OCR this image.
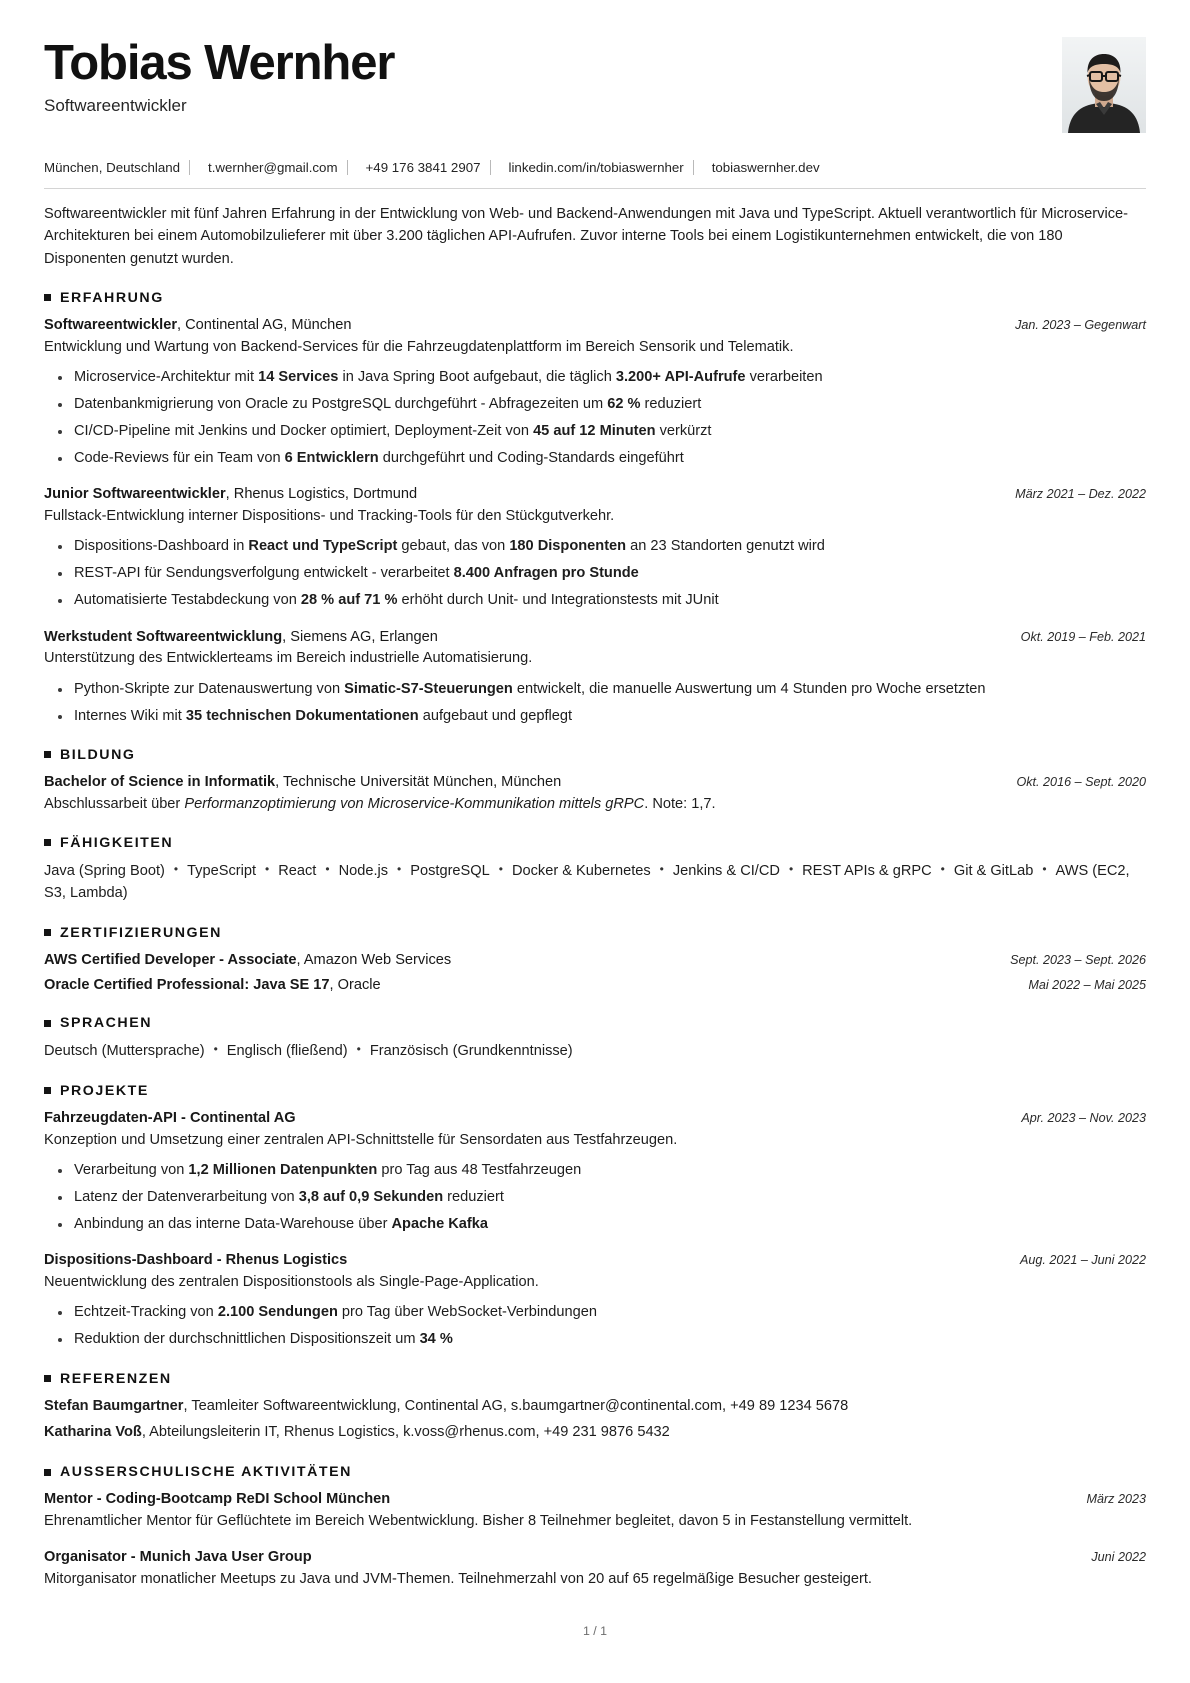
Tobias Wernher

Softwareentwickler

München, Deutschland t.wernher@gmail.com +49 176 3841 2907 linkedin.com/in/tobiaswernher tobiaswernher.dev

Softwareentwickler mit fünf Jahren Erfahrung in der Entwicklung von Web- und Backend-Anwendungen mit Java und TypeScript. Aktuell verantwortlich für Microservice-Architekturen bei einem Automobilzulieferer mit über 3.200 täglichen API-Aufrufen. Zuvor interne Tools bei einem Logistikunternehmen entwickelt, die von 180 Disponenten genutzt wurden.

ERFAHRUNG
Softwareentwickler, Continental AG, München	Jan. 2023 – Gegenwart
Entwicklung und Wartung von Backend-Services für die Fahrzeugdatenplattform im Bereich Sensorik und Telematik.
Microservice-Architektur mit 14 Services in Java Spring Boot aufgebaut, die täglich 3.200+ API-Aufrufe verarbeiten
Datenbankmigrierung von Oracle zu PostgreSQL durchgeführt - Abfragezeiten um 62 % reduziert
CI/CD-Pipeline mit Jenkins und Docker optimiert, Deployment-Zeit von 45 auf 12 Minuten verkürzt
Code-Reviews für ein Team von 6 Entwicklern durchgeführt und Coding-Standards eingeführt
Junior Softwareentwickler, Rhenus Logistics, Dortmund	März 2021 – Dez. 2022
Fullstack-Entwicklung interner Dispositions- und Tracking-Tools für den Stückgutverkehr.
Dispositions-Dashboard in React und TypeScript gebaut, das von 180 Disponenten an 23 Standorten genutzt wird
REST-API für Sendungsverfolgung entwickelt - verarbeitet 8.400 Anfragen pro Stunde
Automatisierte Testabdeckung von 28 % auf 71 % erhöht durch Unit- und Integrationstests mit JUnit
Werkstudent Softwareentwicklung, Siemens AG, Erlangen	Okt. 2019 – Feb. 2021
Unterstützung des Entwicklerteams im Bereich industrielle Automatisierung.
Python-Skripte zur Datenauswertung von Simatic-S7-Steuerungen entwickelt, die manuelle Auswertung um 4 Stunden pro Woche ersetzten
Internes Wiki mit 35 technischen Dokumentationen aufgebaut und gepflegt
BILDUNG
Bachelor of Science in Informatik, Technische Universität München, München	Okt. 2016 – Sept. 2020
Abschlussarbeit über Performanzoptimierung von Microservice-Kommunikation mittels gRPC. Note: 1,7.
FÄHIGKEITEN
Java (Spring Boot) • TypeScript • React • Node.js • PostgreSQL • Docker & Kubernetes • Jenkins & CI/CD • REST APIs & gRPC • Git & GitLab • AWS (EC2, S3, Lambda)
ZERTIFIZIERUNGEN
AWS Certified Developer - Associate, Amazon Web Services	Sept. 2023 – Sept. 2026
Oracle Certified Professional: Java SE 17, Oracle	Mai 2022 – Mai 2025
SPRACHEN
Deutsch (Muttersprache) • Englisch (fließend) • Französisch (Grundkenntnisse)
PROJEKTE
Fahrzeugdaten-API - Continental AG	Apr. 2023 – Nov. 2023
Konzeption und Umsetzung einer zentralen API-Schnittstelle für Sensordaten aus Testfahrzeugen.
Verarbeitung von 1,2 Millionen Datenpunkten pro Tag aus 48 Testfahrzeugen
Latenz der Datenverarbeitung von 3,8 auf 0,9 Sekunden reduziert
Anbindung an das interne Data-Warehouse über Apache Kafka
Dispositions-Dashboard - Rhenus Logistics	Aug. 2021 – Juni 2022
Neuentwicklung des zentralen Dispositionstools als Single-Page-Application.
Echtzeit-Tracking von 2.100 Sendungen pro Tag über WebSocket-Verbindungen
Reduktion der durchschnittlichen Dispositionszeit um 34 %
REFERENZEN
Stefan Baumgartner, Teamleiter Softwareentwicklung, Continental AG, s.baumgartner@continental.com, +49 89 1234 5678
Katharina Voß, Abteilungsleiterin IT, Rhenus Logistics, k.voss@rhenus.com, +49 231 9876 5432
AUSSERSCHULISCHE AKTIVITÄTEN
Mentor - Coding-Bootcamp ReDI School München	März 2023
Ehrenamtlicher Mentor für Geflüchtete im Bereich Webentwicklung. Bisher 8 Teilnehmer begleitet, davon 5 in Festanstellung vermittelt.
Organisator - Munich Java User Group	Juni 2022
Mitorganisator monatlicher Meetups zu Java und JVM-Themen. Teilnehmerzahl von 20 auf 65 regelmäßige Besucher gesteigert.
1 / 1
